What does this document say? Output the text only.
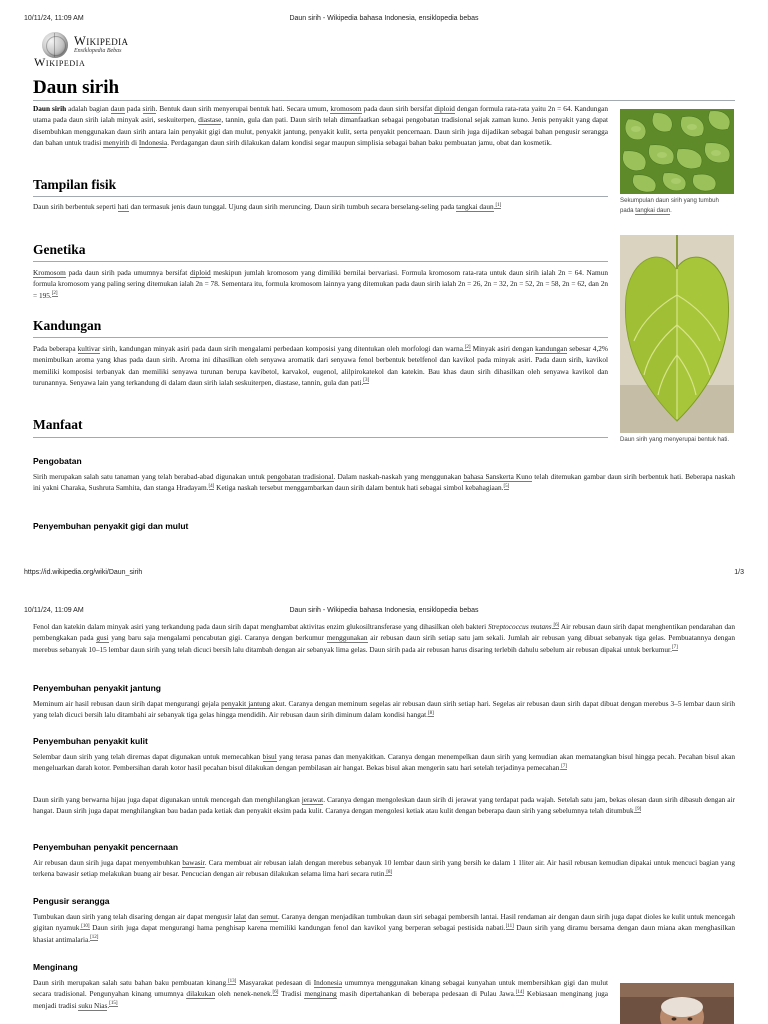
10/11/24, 11:09 AM	Daun sirih - Wikipedia bahasa Indonesia, ensiklopedia bebas
Wikipedia
Ensiklopedia Bebas
Wikipedia
Daun sirih

Daun sirih adalah bagian daun pada sirih. Bentuk daun sirih menyerupai bentuk hati. Secara umum, kromosom pada daun sirih bersifat diploid dengan formula rata-rata yaitu 2n = 64. Kandungan utama pada daun sirih ialah minyak asiri, seskuiterpen, diastase, tannin, gula dan pati. Daun sirih telah dimanfaatkan sebagai pengobatan tradisional sejak zaman kuno. Jenis penyakit yang dapat disembuhkan menggunakan daun sirih antara lain penyakit gigi dan mulut, penyakit jantung, penyakit kulit, serta penyakit pencernaan. Daun sirih juga dijadikan sebagai bahan pengusir serangga dan bahan untuk tradisi menyirih di Indonesia. Perdagangan daun sirih dilakukan dalam kondisi segar maupun simplisia sebagai bahan baku pembuatan jamu, obat dan kosmetik.

Sekumpulan daun sirih yang tumbuh pada tangkai daun.
Tampilan fisik

Daun sirih berbentuk seperti hati dan termasuk jenis daun tunggal. Ujung daun sirih meruncing. Daun sirih tumbuh secara berselang-seling pada tangkai daun.[1]

Daun sirih yang menyerupai bentuk hati.
Genetika

Kromosom pada daun sirih pada umumnya bersifat diploid meskipun jumlah kromosom yang dimiliki bernilai bervariasi. Formula kromosom rata-rata untuk daun sirih ialah 2n = 64. Namun formula kromosom yang paling sering ditemukan ialah 2n = 78. Sementara itu, formula kromosom lainnya yang ditemukan pada daun sirih ialah 2n = 26, 2n = 32, 2n = 52, 2n = 58, 2n = 62, dan 2n = 195.[2]

Kandungan

Pada beberapa kultivar sirih, kandungan minyak asiri pada daun sirih mengalami perbedaan komposisi yang ditentukan oleh morfologi dan warna.[2] Minyak asiri dengan kandungan sebesar 4,2% menimbulkan aroma yang khas pada daun sirih. Aroma ini dihasilkan oleh senyawa aromatik dari senyawa fenol berbentuk betelfenol dan kavikol pada minyak asiri. Pada daun sirih, kavikol memiliki komposisi terbanyak dan memiliki senyawa turunan berupa kavibetol, karvakol, eugenol, alilpirokatekol dan katekin. Bau khas daun sirih dihasilkan oleh senyawa kavikol dan turunannya. Senyawa lain yang terkandung di dalam daun sirih ialah seskuiterpen, diastase, tannin, gula dan pati.[3]

Manfaat
Pengobatan

Sirih merupakan salah satu tanaman yang telah berabad-abad digunakan untuk pengobatan tradisional. Dalam naskah-naskah yang menggunakan bahasa Sanskerta Kuno telah ditemukan gambar daun sirih berbentuk hati. Beberapa naskah ini yakni Charaka, Sushruta Samhita, dan stanga Hradayam.[4] Ketiga naskah tersebut menggambarkan daun sirih dalam bentuk hati sebagai simbol kebahagiaan.[5]

Penyembuhan penyakit gigi dan mulut
https://id.wikipedia.org/wiki/Daun_sirih	1/3
10/11/24, 11:09 AM	Daun sirih - Wikipedia bahasa Indonesia, ensiklopedia bebas

Fenol dan katekin dalam minyak asiri yang terkandung pada daun sirih dapat menghambat aktivitas enzim glukosiltransferase yang dihasilkan oleh bakteri Streptococcus mutans.[6] Air rebusan daun sirih dapat menghentikan pendarahan dan pembengkakan pada gusi yang baru saja mengalami pencabutan gigi. Caranya dengan berkumur menggunakan air rebusan daun sirih setiap satu jam sekali. Jumlah air rebusan yang dibuat sebanyak tiga gelas. Pembuatannya dengan merebus sebanyak 10–15 lembar daun sirih yang telah dicuci bersih lalu ditambah dengan air sebanyak lima gelas. Daun sirih pada air rebusan harus disaring terlebih dahulu sebelum air rebusan dipakai untuk berkumur.[7]

Penyembuhan penyakit jantung

Meminum air hasil rebusan daun sirih dapat mengurangi gejala penyakit jantung akut. Caranya dengan meminum segelas air rebusan daun sirih setiap hari. Segelas air rebusan daun sirih dapat dibuat dengan merebus 3–5 lembar daun sirih yang telah dicuci bersih lalu ditambahi air sebanyak tiga gelas hingga mendidih. Air rebusan daun sirih diminum dalam kondisi hangat.[8]

Penyembuhan penyakit kulit

Selembar daun sirih yang telah diremas dapat digunakan untuk memecahkan bisul yang terasa panas dan menyakitkan. Caranya dengan menempelkan daun sirih yang kemudian akan mematangkan bisul hingga pecah. Pecahan bisul akan mengeluarkan darah kotor. Pembersihan darah kotor hasil pecahan bisul dilakukan dengan pembilasan air hangat. Bekas bisul akan mengerin satu hari setelah terjadinya pemecahan.[7]

Daun sirih yang berwarna hijau juga dapat digunakan untuk mencegah dan menghilangkan jerawat. Caranya dengan mengoleskan daun sirih di jerawat yang terdapat pada wajah. Setelah satu jam, bekas olesan daun sirih dibasuh dengan air hangat. Daun sirih juga dapat menghilangkan bau badan pada ketiak dan penyakit eksim pada kulit. Caranya dengan mengolesi ketiak atau kulit dengan beberapa daun sirih yang sebelumnya telah ditumbuk.[9]

Penyembuhan penyakit pencernaan

Air rebusan daun sirih juga dapat menyembuhkan bawasir. Cara membuat air rebusan ialah dengan merebus sebanyak 10 lembar daun sirih yang bersih ke dalam 1 1liter air. Air hasil rebusan kemudian dipakai untuk mencuci bagian yang terkena bawasir setiap melakukan buang air besar. Pencucian dengan air rebusan dilakukan selama lima hari secara rutin.[8]

Pengusir serangga

Tumbukan daun sirih yang telah disaring dengan air dapat mengusir lalat dan semut. Caranya dengan menjadikan tumbukan daun siri sebagai pembersih lantai. Hasil rendaman air dengan daun sirih juga dapat dioles ke kulit untuk mencegah gigitan nyamuk.[10] Daun sirih juga dapat mengurangi hama penghisap karena memiliki kandungan fenol dan kavikol yang berperan sebagai pestisida nabati.[11] Daun sirih yang diramu bersama dengan daun miana akan menghasilkan khasiat antimalaria.[12]

Menginang

Daun sirih merupakan salah satu bahan baku pembuatan kinang.[13] Masyarakat pedesaan di Indonesia umumnya menggunakan kinang sebagai kunyahan untuk membersihkan gigi dan mulut secara tradisional. Pengunyahan kinang umumnya dilakukan oleh nenek-nenek.[6] Tradisi menginang masih dipertahankan di beberapa pedesaan di Pulau Jawa.[14] Kebiasaan menginang juga menjadi tradisi suku Nias.[15]
